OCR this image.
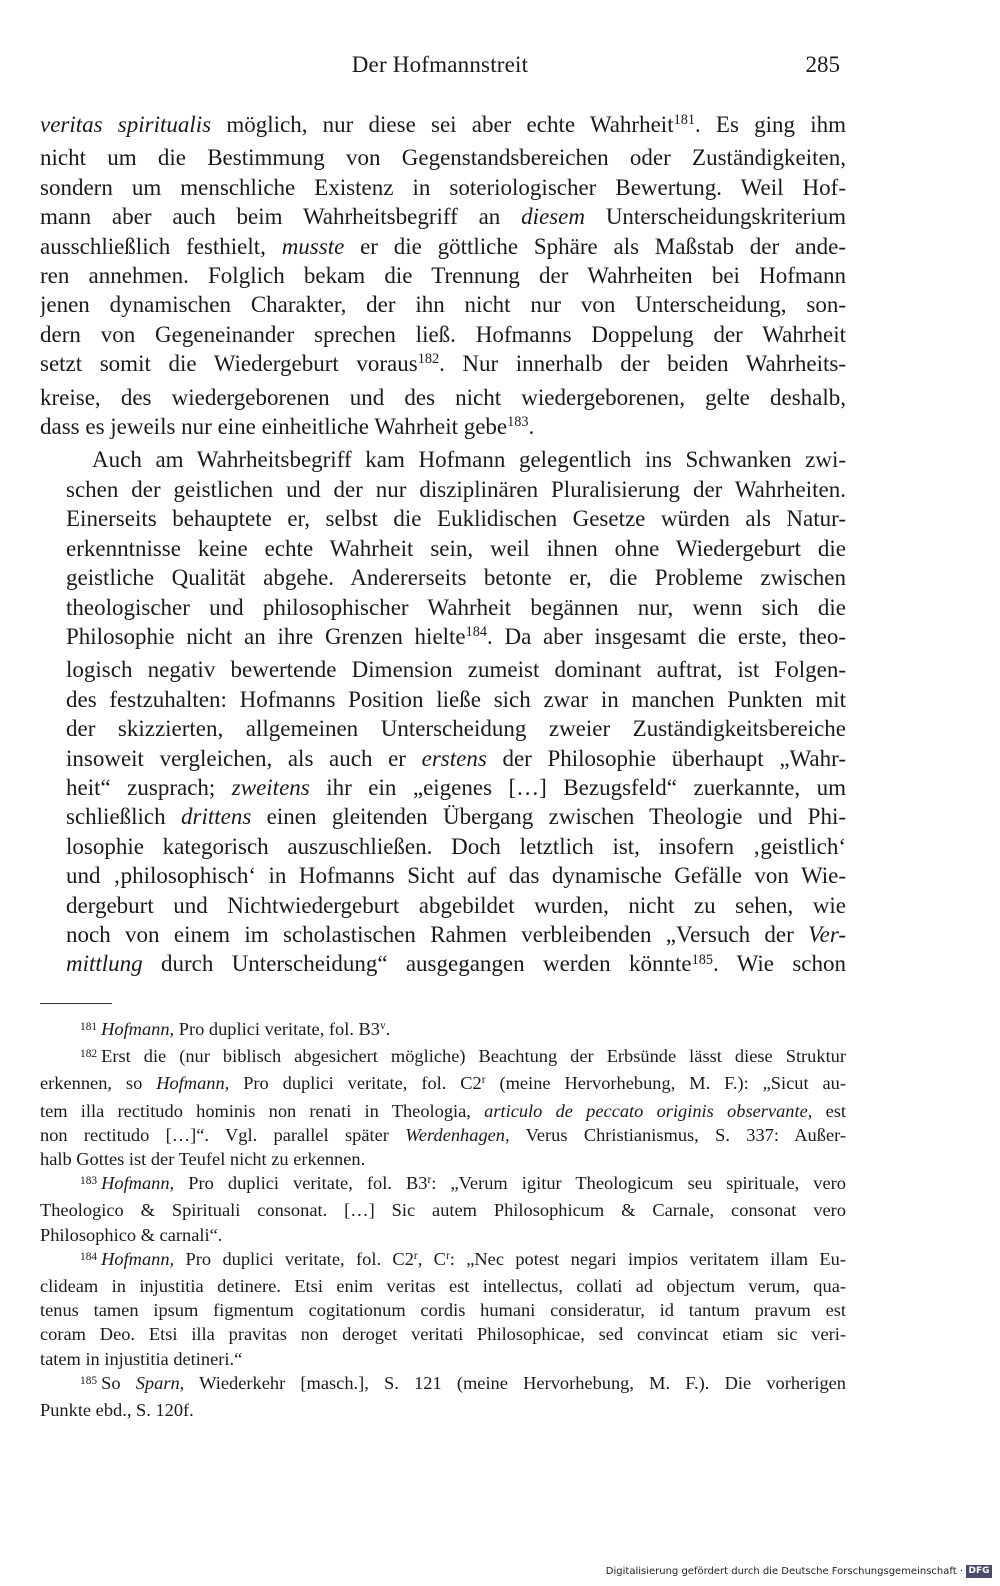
Der Hofmannstreit	285

veritas spiritualis möglich, nur diese sei aber echte Wahrheit$^{181}$. Es ging ihm
nicht um die Bestimmung von Gegenstandsbereichen oder Zuständigkeiten,
sondern um menschliche Existenz in soteriologischer Bewertung. Weil Hof-
mann aber auch beim Wahrheitsbegriff an diesem Unterscheidungskriterium
ausschließlich festhielt, musste er die göttliche Sphäre als Maßstab der ande-
ren annehmen. Folglich bekam die Trennung der Wahrheiten bei Hofmann
jenen dynamischen Charakter, der ihn nicht nur von Unterscheidung, son-
dern von Gegeneinander sprechen ließ. Hofmanns Doppelung der Wahrheit
setzt somit die Wiedergeburt voraus$^{182}$. Nur innerhalb der beiden Wahrheits-
kreise, des wiedergeborenen und des nicht wiedergeborenen, gelte deshalb,
dass es jeweils nur eine einheitliche Wahrheit gebe$^{183}$.

Auch am Wahrheitsbegriff kam Hofmann gelegentlich ins Schwanken zwi-
schen der geistlichen und der nur disziplinären Pluralisierung der Wahrheiten.
Einerseits behauptete er, selbst die Euklidischen Gesetze würden als Natur-
erkenntnisse keine echte Wahrheit sein, weil ihnen ohne Wiedergeburt die
geistliche Qualität abgehe. Andererseits betonte er, die Probleme zwischen
theologischer und philosophischer Wahrheit begännen nur, wenn sich die
Philosophie nicht an ihre Grenzen hielte$^{184}$. Da aber insgesamt die erste, theo-
logisch negativ bewertende Dimension zumeist dominant auftrat, ist Folgen-
des festzuhalten: Hofmanns Position ließe sich zwar in manchen Punkten mit
der skizzierten, allgemeinen Unterscheidung zweier Zuständigkeitsbereiche
insoweit vergleichen, als auch er erstens der Philosophie überhaupt „Wahr-
heit“ zusprach; zweitens ihr ein „eigenes […] Bezugsfeld“ zuerkannte, um
schließlich drittens einen gleitenden Übergang zwischen Theologie und Phi-
losophie kategorisch auszuschließen. Doch letztlich ist, insofern ‚geistlich‘
und ‚philosophisch‘ in Hofmanns Sicht auf das dynamische Gefälle von Wie-
dergeburt und Nichtwiedergeburt abgebildet wurden, nicht zu sehen, wie
noch von einem im scholastischen Rahmen verbleibenden „Versuch der Ver-
mittlung durch Unterscheidung“ ausgegangen werden könnte$^{185}$. Wie schon

$^{181}$ Hofmann, Pro duplici veritate, fol. B3$^v$.

$^{182}$ Erst die (nur biblisch abgesichert mögliche) Beachtung der Erbsünde lässt diese Struktur
erkennen, so Hofmann, Pro duplici veritate, fol. C2$^r$ (meine Hervorhebung, M. F.): „Sicut au-
tem illa rectitudo hominis non renati in Theologia, articulo de peccato originis observante, est
non rectitudo […]“. Vgl. parallel später Werdenhagen, Verus Christianismus, S. 337: Außer-
halb Gottes ist der Teufel nicht zu erkennen.

$^{183}$ Hofmann, Pro duplici veritate, fol. B3$^r$: „Verum igitur Theologicum seu spirituale, vero
Theologico & Spirituali consonat. […] Sic autem Philosophicum & Carnale, consonat vero
Philosophico & carnali“.

$^{184}$ Hofmann, Pro duplici veritate, fol. C2$^r$, $C^r$: „Nec potest negari impios veritatem illam Eu-
clideam in injustitia detinere. Etsi enim veritas est intellectus, collati ad objectum verum, qua-
tenus tamen ipsum figmentum cogitationum cordis humani consideratur, id tantum pravum est
coram Deo. Etsi illa pravitas non deroget veritati Philosophicae, sed convincat etiam sic veri-
tatem in injustitia detineri.“

$^{185}$ So Sparn, Wiederkehr [masch.], S. 121 (meine Hervorhebung, M. F.). Die vorherigen
Punkte ebd., S. 120f.

Digitalisierung gefördert durch die Deutsche Forschungsgemeinschaft · DFG
